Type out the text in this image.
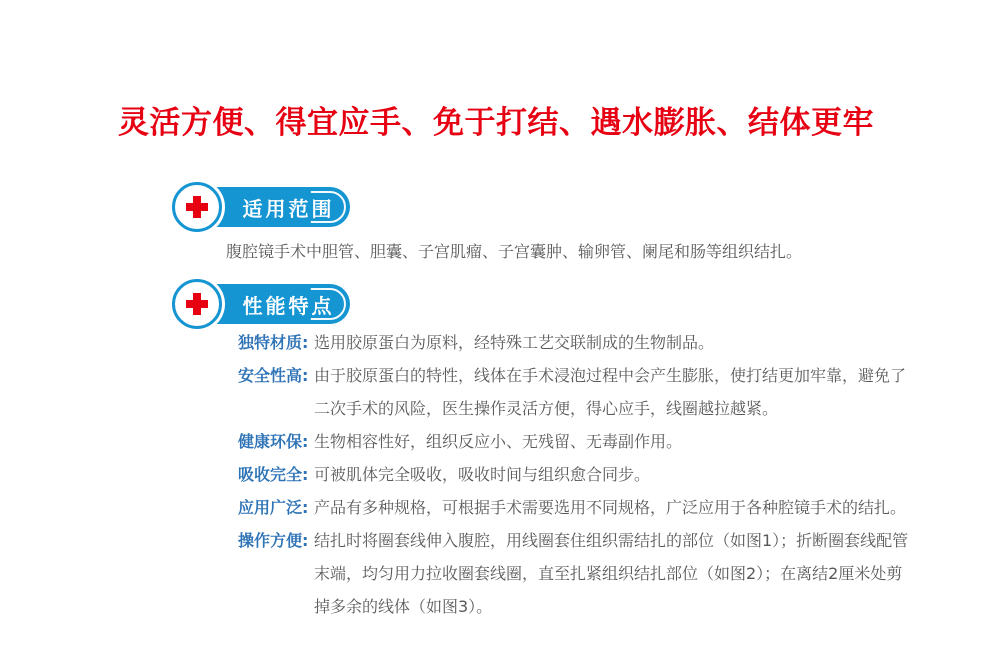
灵活方便、得宜应手、免于打结、遇水膨胀、结体更牢
适用范围

腹腔镜手术中胆管、胆囊、子宫肌瘤、子宫囊肿、输卵管、阑尾和肠等组织结扎。

性能特点
独特材质: 选用胶原蛋白为原料，经特殊工艺交联制成的生物制品。
安全性高: 由于胶原蛋白的特性，线体在手术浸泡过程中会产生膨胀，使打结更加牢靠，避免了二次手术的风险，医生操作灵活方便，得心应手，线圈越拉越紧。
健康环保: 生物相容性好，组织反应小、无残留、无毒副作用。
吸收完全: 可被肌体完全吸收，吸收时间与组织愈合同步。
应用广泛: 产品有多种规格，可根据手术需要选用不同规格，广泛应用于各种腔镜手术的结扎。
操作方便: 结扎时将圈套线伸入腹腔，用线圈套住组织需结扎的部位（如图1）；折断圈套线配管末端，均匀用力拉收圈套线圈，直至扎紧组织结扎部位（如图2）；在离结2厘米处剪掉多余的线体（如图3）。
